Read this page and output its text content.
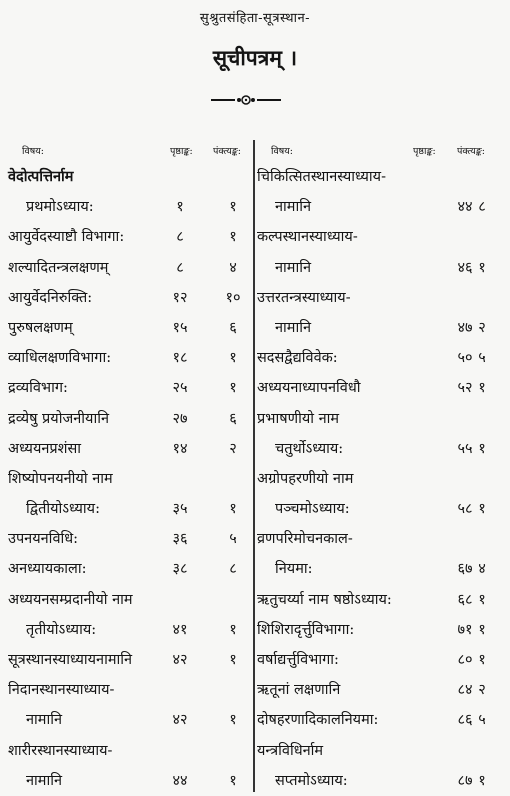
सुश्रुतसंहिता-सूत्रस्थान-
सूचीपत्रम् ।
विषय:	पृष्ठाङ्क: पंक्त्यङ्क:
वेदोत्पत्तिर्नाम
प्रथमोऽध्याय:	१	१
आयुर्वेदस्याष्टौ विभागा:	८	१
शल्यादितन्त्रलक्षणम्	८	४
आयुर्वेदनिरुक्ति:	१२	१०
पुरुषलक्षणम्	१५	६
व्याधिलक्षणविभागा:	१८	१
द्रव्यविभाग:	२५	१
द्रव्येषु प्रयोजनीयानि	२७	६
अध्ययनप्रशंसा	१४	२
शिष्योपनयनीयो नाम
द्वितीयोऽध्याय:	३५	१
उपनयनविधि:	३६	५
अनध्यायकाला:	३८	८
अध्ययनसम्प्रदानीयो नाम
तृतीयोऽध्याय:	४१	१
सूत्रस्थानस्याध्यायनामानि	४२	१
निदानस्थानस्याध्याय-
नामानि	४२	१
शारीरस्थानस्याध्याय-
नामानि	४४	१
विषय:	पृष्ठाङ्क: पंक्त्यङ्क:
चिकित्सितस्थानस्याध्याय-
नामानि	४४ ८
कल्पस्थानस्याध्याय-
नामानि	४६ १
उत्तरतन्त्रस्याध्याय-
नामानि	४७ २
सदसद्वैद्यविवेक:	५० ५
अध्ययनाध्यापनविधौ	५२ १
प्रभाषणीयो नाम
चतुर्थोऽध्याय:	५५ १
अग्रोपहरणीयो नाम
पञ्चमोऽध्याय:	५८ १
व्रणपरिमोचनकाल-
नियमा:	६७ ४
ऋतुचर्य्या नाम षष्ठोऽध्याय:	६८ १
शिशिरादृर्त्तुविभागा:	७१ १
वर्षाद्यर्त्तुविभागा:	८० १
ऋतूनां लक्षणानि	८४ २
दोषहरणादिकालनियमा:	८६ ५
यन्त्रविधिर्नाम
सप्तमोऽध्याय:	८७ १
